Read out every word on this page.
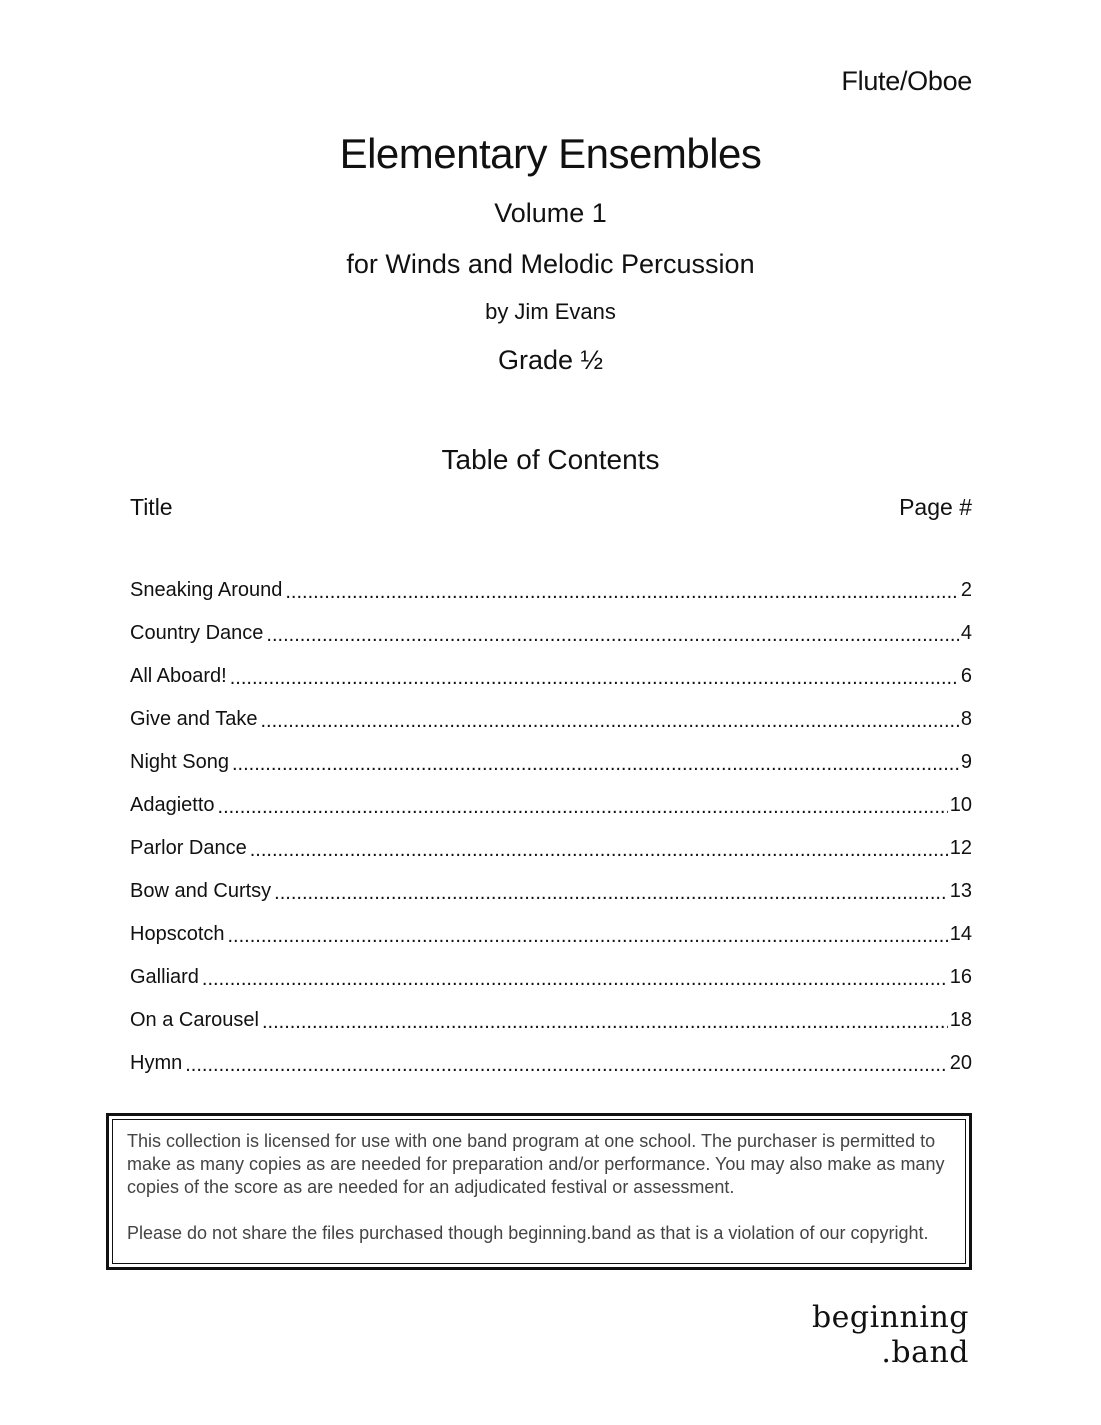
Flute/Oboe
Elementary Ensembles
Volume 1
for Winds and Melodic Percussion
by Jim Evans
Grade ½
Table of Contents
Title	Page #
Sneaking Around .....	2
Country Dance .....	4
All Aboard! .....	6
Give and Take .....	8
Night Song .....	9
Adagietto .....	10
Parlor Dance .....	12
Bow and Curtsy .....	13
Hopscotch .....	14
Galliard .....	16
On a Carousel .....	18
Hymn .....	20

This collection is licensed for use with one band program at one school. The purchaser is permitted to make as many copies as are needed for preparation and/or performance. You may also make as many copies of the score as are needed for an adjudicated festival or assessment.

Please do not share the files purchased though beginning.band as that is a violation of our copyright.

beginning
.band
